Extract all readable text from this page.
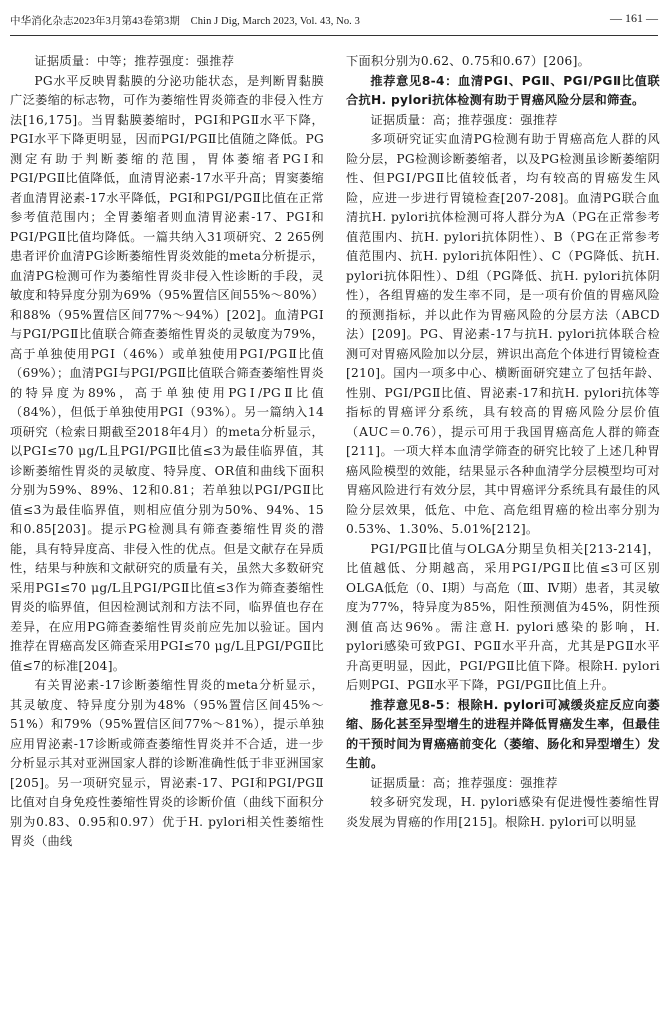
中华消化杂志2023年3月第43卷第3期　Chin J Dig, March 2023, Vol. 43, No. 3	— 161 —

证据质量：中等；推荐强度：强推荐

PG水平反映胃黏膜的分泌功能状态，是判断胃黏膜广泛萎缩的标志物，可作为萎缩性胃炎筛查的非侵入性方法[16,175]。当胃黏膜萎缩时，PGⅠ和PGⅡ水平下降，PGⅠ水平下降更明显，因而PGⅠ/PGⅡ比值随之降低。PG测定有助于判断萎缩的范围，胃体萎缩者PGⅠ和PGⅠ/PGⅡ比值降低，血清胃泌素-17水平升高；胃窦萎缩者血清胃泌素-17水平降低，PGⅠ和PGⅠ/PGⅡ比值在正常参考值范围内；全胃萎缩者则血清胃泌素-17、PGⅠ和PGⅠ/PGⅡ比值均降低。一篇共纳入31项研究、2 265例患者评价血清PG诊断萎缩性胃炎效能的meta分析提示，血清PG检测可作为萎缩性胃炎非侵入性诊断的手段，灵敏度和特异度分别为69%（95%置信区间55%～80%）和88%（95%置信区间77%～94%）[202]。血清PGⅠ与PGⅠ/PGⅡ比值联合筛查萎缩性胃炎的灵敏度为79%，高于单独使用PGⅠ（46%）或单独使用PGⅠ/PGⅡ比值（69%）；血清PGⅠ与PGⅠ/PGⅡ比值联合筛查萎缩性胃炎的特异度为89%，高于单独使用PGⅠ/PGⅡ比值（84%），但低于单独使用PGⅠ（93%）。另一篇纳入14项研究（检索日期截至2018年4月）的meta分析显示，以PGⅠ≤70 μg/L且PGⅠ/PGⅡ比值≤3为最佳临界值，其诊断萎缩性胃炎的灵敏度、特异度、OR值和曲线下面积分别为59%、89%、12和0.81；若单独以PGⅠ/PGⅡ比值≤3为最佳临界值，则相应值分别为50%、94%、15和0.85[203]。提示PG检测具有筛查萎缩性胃炎的潜能，具有特异度高、非侵入性的优点。但是文献存在异质性，结果与种族和文献研究的质量有关，虽然大多数研究采用PGⅠ≤70 μg/L且PGⅠ/PGⅡ比值≤3作为筛查萎缩性胃炎的临界值，但因检测试剂和方法不同，临界值也存在差异，在应用PG筛查萎缩性胃炎前应先加以验证。国内推荐在胃癌高发区筛查采用PGⅠ≤70 μg/L且PGⅠ/PGⅡ比值≤7的标准[204]。

有关胃泌素-17诊断萎缩性胃炎的meta分析显示，其灵敏度、特异度分别为48%（95%置信区间45%～51%）和79%（95%置信区间77%～81%），提示单独应用胃泌素-17诊断或筛查萎缩性胃炎并不合适，进一步分析显示其对亚洲国家人群的诊断准确性低于非亚洲国家[205]。另一项研究显示，胃泌素-17、PGⅠ和PGⅠ/PGⅡ比值对自身免疫性萎缩性胃炎的诊断价值（曲线下面积分别为0.83、0.95和0.97）优于H. pylori相关性萎缩性胃炎（曲线

下面积分别为0.62、0.75和0.67）[206]。

推荐意见8-4：血清PGⅠ、PGⅡ、PGⅠ/PGⅡ比值联合抗H. pylori抗体检测有助于胃癌风险分层和筛查。

证据质量：高；推荐强度：强推荐

多项研究证实血清PG检测有助于胃癌高危人群的风险分层，PG检测诊断萎缩者，以及PG检测虽诊断萎缩阴性、但PGⅠ/PGⅡ比值较低者，均有较高的胃癌发生风险，应进一步进行胃镜检查[207-208]。血清PG联合血清抗H. pylori抗体检测可将人群分为A（PG在正常参考值范围内、抗H. pylori抗体阴性）、B（PG在正常参考值范围内、抗H. pylori抗体阳性）、C（PG降低、抗H. pylori抗体阳性）、D组（PG降低、抗H. pylori抗体阴性），各组胃癌的发生率不同，是一项有价值的胃癌风险的预测指标，并以此作为胃癌风险的分层方法（ABCD法）[209]。PG、胃泌素-17与抗H. pylori抗体联合检测可对胃癌风险加以分层，辨识出高危个体进行胃镜检查[210]。国内一项多中心、横断面研究建立了包括年龄、性别、PGⅠ/PGⅡ比值、胃泌素-17和抗H. pylori抗体等指标的胃癌评分系统，具有较高的胃癌风险分层价值（AUC＝0.76），提示可用于我国胃癌高危人群的筛查[211]。一项大样本血清学筛查的研究比较了上述几种胃癌风险模型的效能，结果显示各种血清学分层模型均可对胃癌风险进行有效分层，其中胃癌评分系统具有最佳的风险分层效果，低危、中危、高危组胃癌的检出率分别为0.53%、1.30%、5.01%[212]。

PGⅠ/PGⅡ比值与OLGA分期呈负相关[213-214]，比值越低、分期越高，采用PGⅠ/PGⅡ比值≤3可区别OLGA低危（0、Ⅰ期）与高危（Ⅲ、Ⅳ期）患者，其灵敏度为77%，特异度为85%，阳性预测值为45%，阴性预测值高达96%。需注意H. pylori感染的影响，H. pylori感染可致PGⅠ、PGⅡ水平升高，尤其是PGⅡ水平升高更明显，因此，PGⅠ/PGⅡ比值下降。根除H. pylori后则PGⅠ、PGⅡ水平下降，PGⅠ/PGⅡ比值上升。

推荐意见8-5：根除H. pylori可减缓炎症反应向萎缩、肠化甚至异型增生的进程并降低胃癌发生率，但最佳的干预时间为胃癌癌前变化（萎缩、肠化和异型增生）发生前。

证据质量：高；推荐强度：强推荐

较多研究发现，H. pylori感染有促进慢性萎缩性胃炎发展为胃癌的作用[215]。根除H. pylori可以明显
